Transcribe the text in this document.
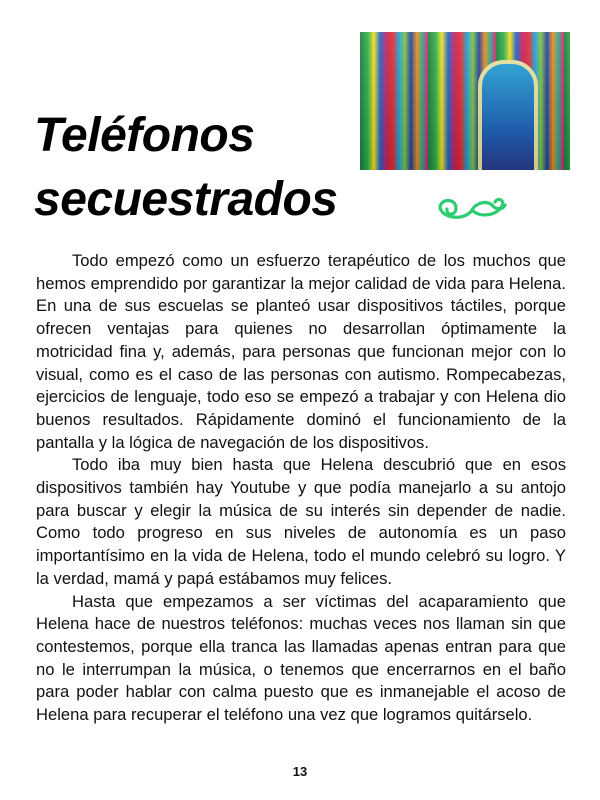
Teléfonos
secuestrados

Todo empezó como un esfuerzo terapéutico de los muchos que hemos emprendido por garantizar la mejor calidad de vida para Helena. En una de sus escuelas se planteó usar dispositivos táctiles, porque ofrecen ventajas para quienes no desarrollan óptimamente la motricidad fina y, además, para personas que funcionan mejor con lo visual, como es el caso de las personas con autismo. Rompecabezas, ejercicios de lenguaje, todo eso se empezó a trabajar y con Helena dio buenos resultados. Rápidamente dominó el funcionamiento de la pantalla y la lógica de navegación de los dispositivos.

Todo iba muy bien hasta que Helena descubrió que en esos dispositivos también hay Youtube y que podía manejarlo a su antojo para buscar y elegir la música de su interés sin depender de nadie. Como todo progreso en sus niveles de autonomía es un paso importantísimo en la vida de Helena, todo el mundo celebró su logro. Y la verdad, mamá y papá estábamos muy felices.

Hasta que empezamos a ser víctimas del acaparamiento que Helena hace de nuestros teléfonos: muchas veces nos llaman sin que contestemos, porque ella tranca las llamadas apenas entran para que no le interrumpan la música, o tenemos que encerrarnos en el baño para poder hablar con calma puesto que es inmanejable el acoso de Helena para recuperar el teléfono una vez que logramos quitárselo.

13
